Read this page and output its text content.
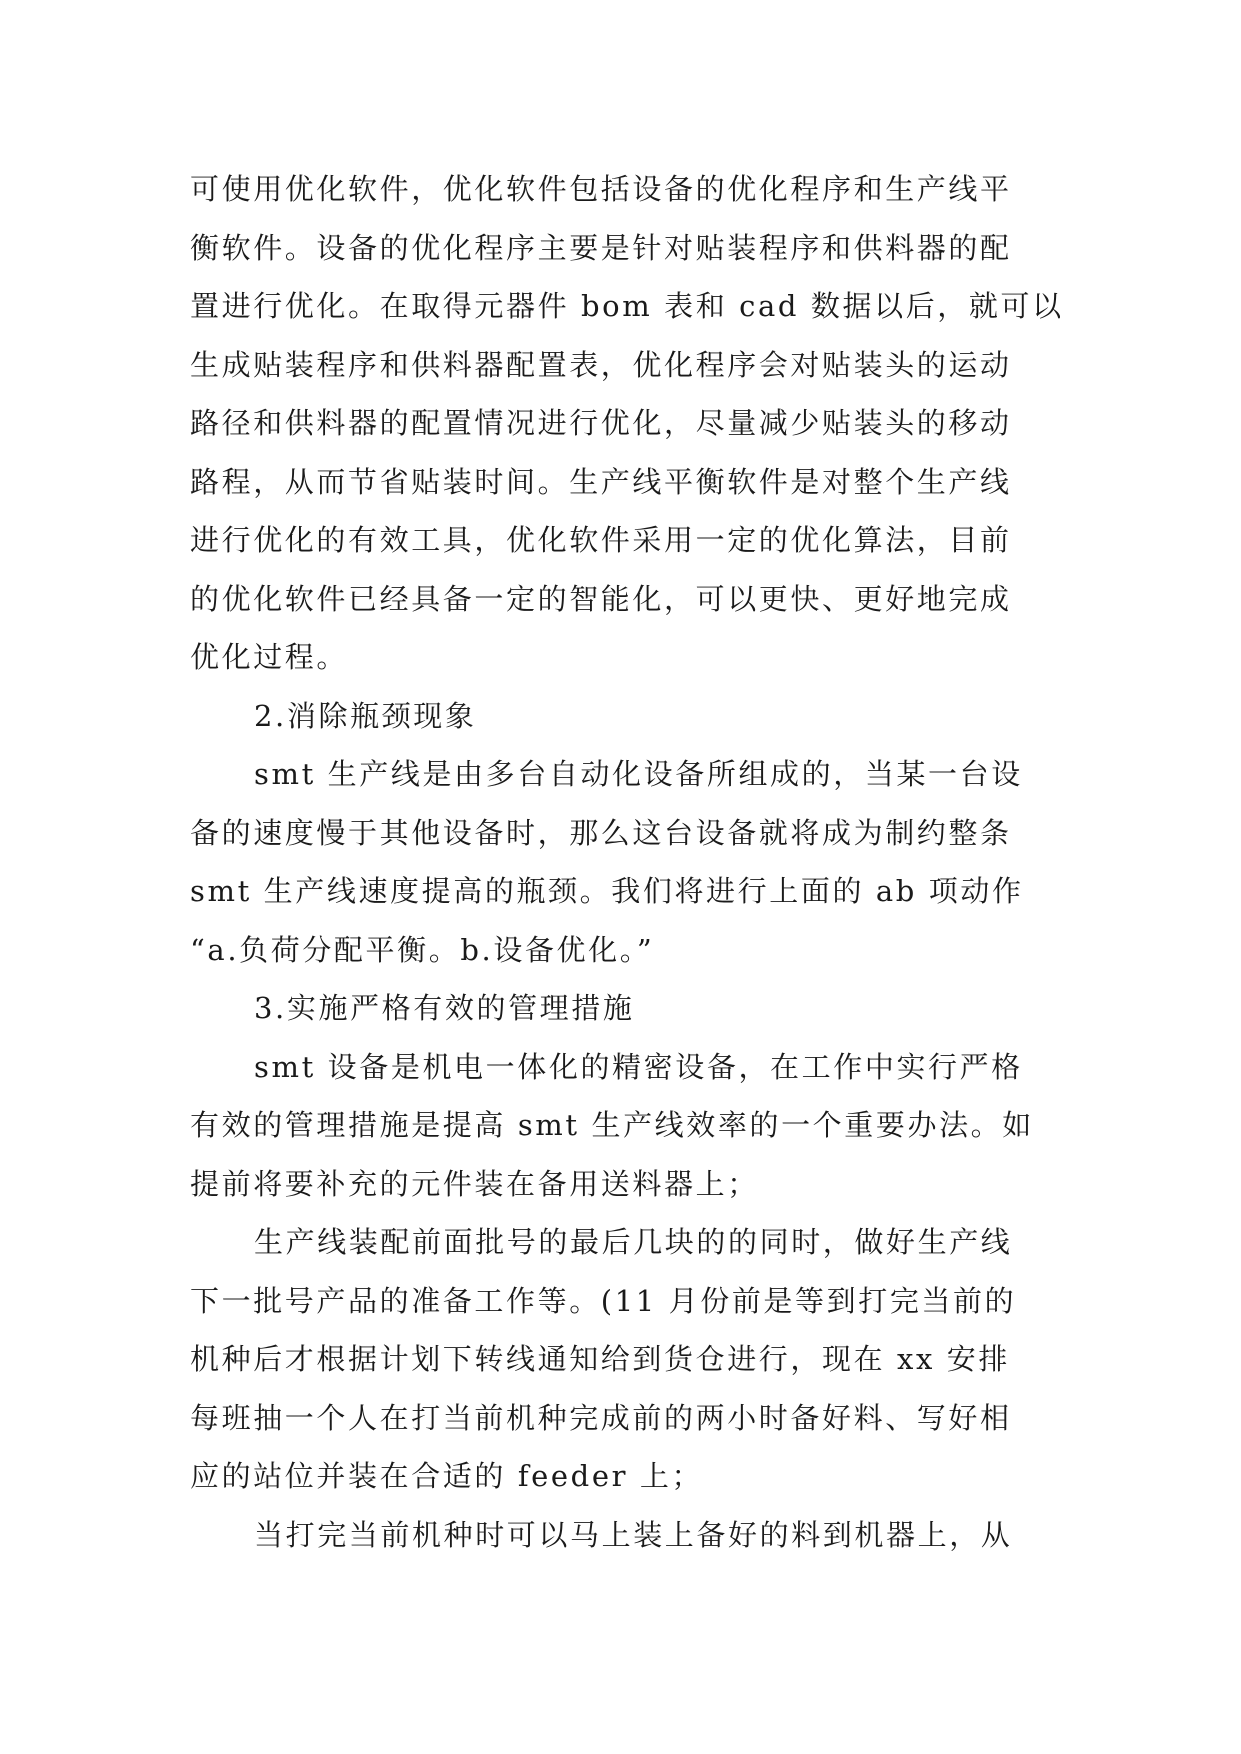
可使用优化软件，优化软件包括设备的优化程序和生产线平
衡软件。设备的优化程序主要是针对贴装程序和供料器的配
置进行优化。在取得元器件 bom 表和 cad 数据以后，就可以
生成贴装程序和供料器配置表，优化程序会对贴装头的运动
路径和供料器的配置情况进行优化，尽量减少贴装头的移动
路程，从而节省贴装时间。生产线平衡软件是对整个生产线
进行优化的有效工具，优化软件采用一定的优化算法，目前
的优化软件已经具备一定的智能化，可以更快、更好地完成
优化过程。
2.消除瓶颈现象
smt 生产线是由多台自动化设备所组成的，当某一台设
备的速度慢于其他设备时，那么这台设备就将成为制约整条
smt 生产线速度提高的瓶颈。我们将进行上面的 ab 项动作
“a.负荷分配平衡。b.设备优化。”
3.实施严格有效的管理措施
smt 设备是机电一体化的精密设备，在工作中实行严格
有效的管理措施是提高 smt 生产线效率的一个重要办法。如
提前将要补充的元件装在备用送料器上；
生产线装配前面批号的最后几块的的同时，做好生产线
下一批号产品的准备工作等。(11 月份前是等到打完当前的
机种后才根据计划下转线通知给到货仓进行，现在 xx 安排
每班抽一个人在打当前机种完成前的两小时备好料、写好相
应的站位并装在合适的 feeder 上；
当打完当前机种时可以马上装上备好的料到机器上，从
